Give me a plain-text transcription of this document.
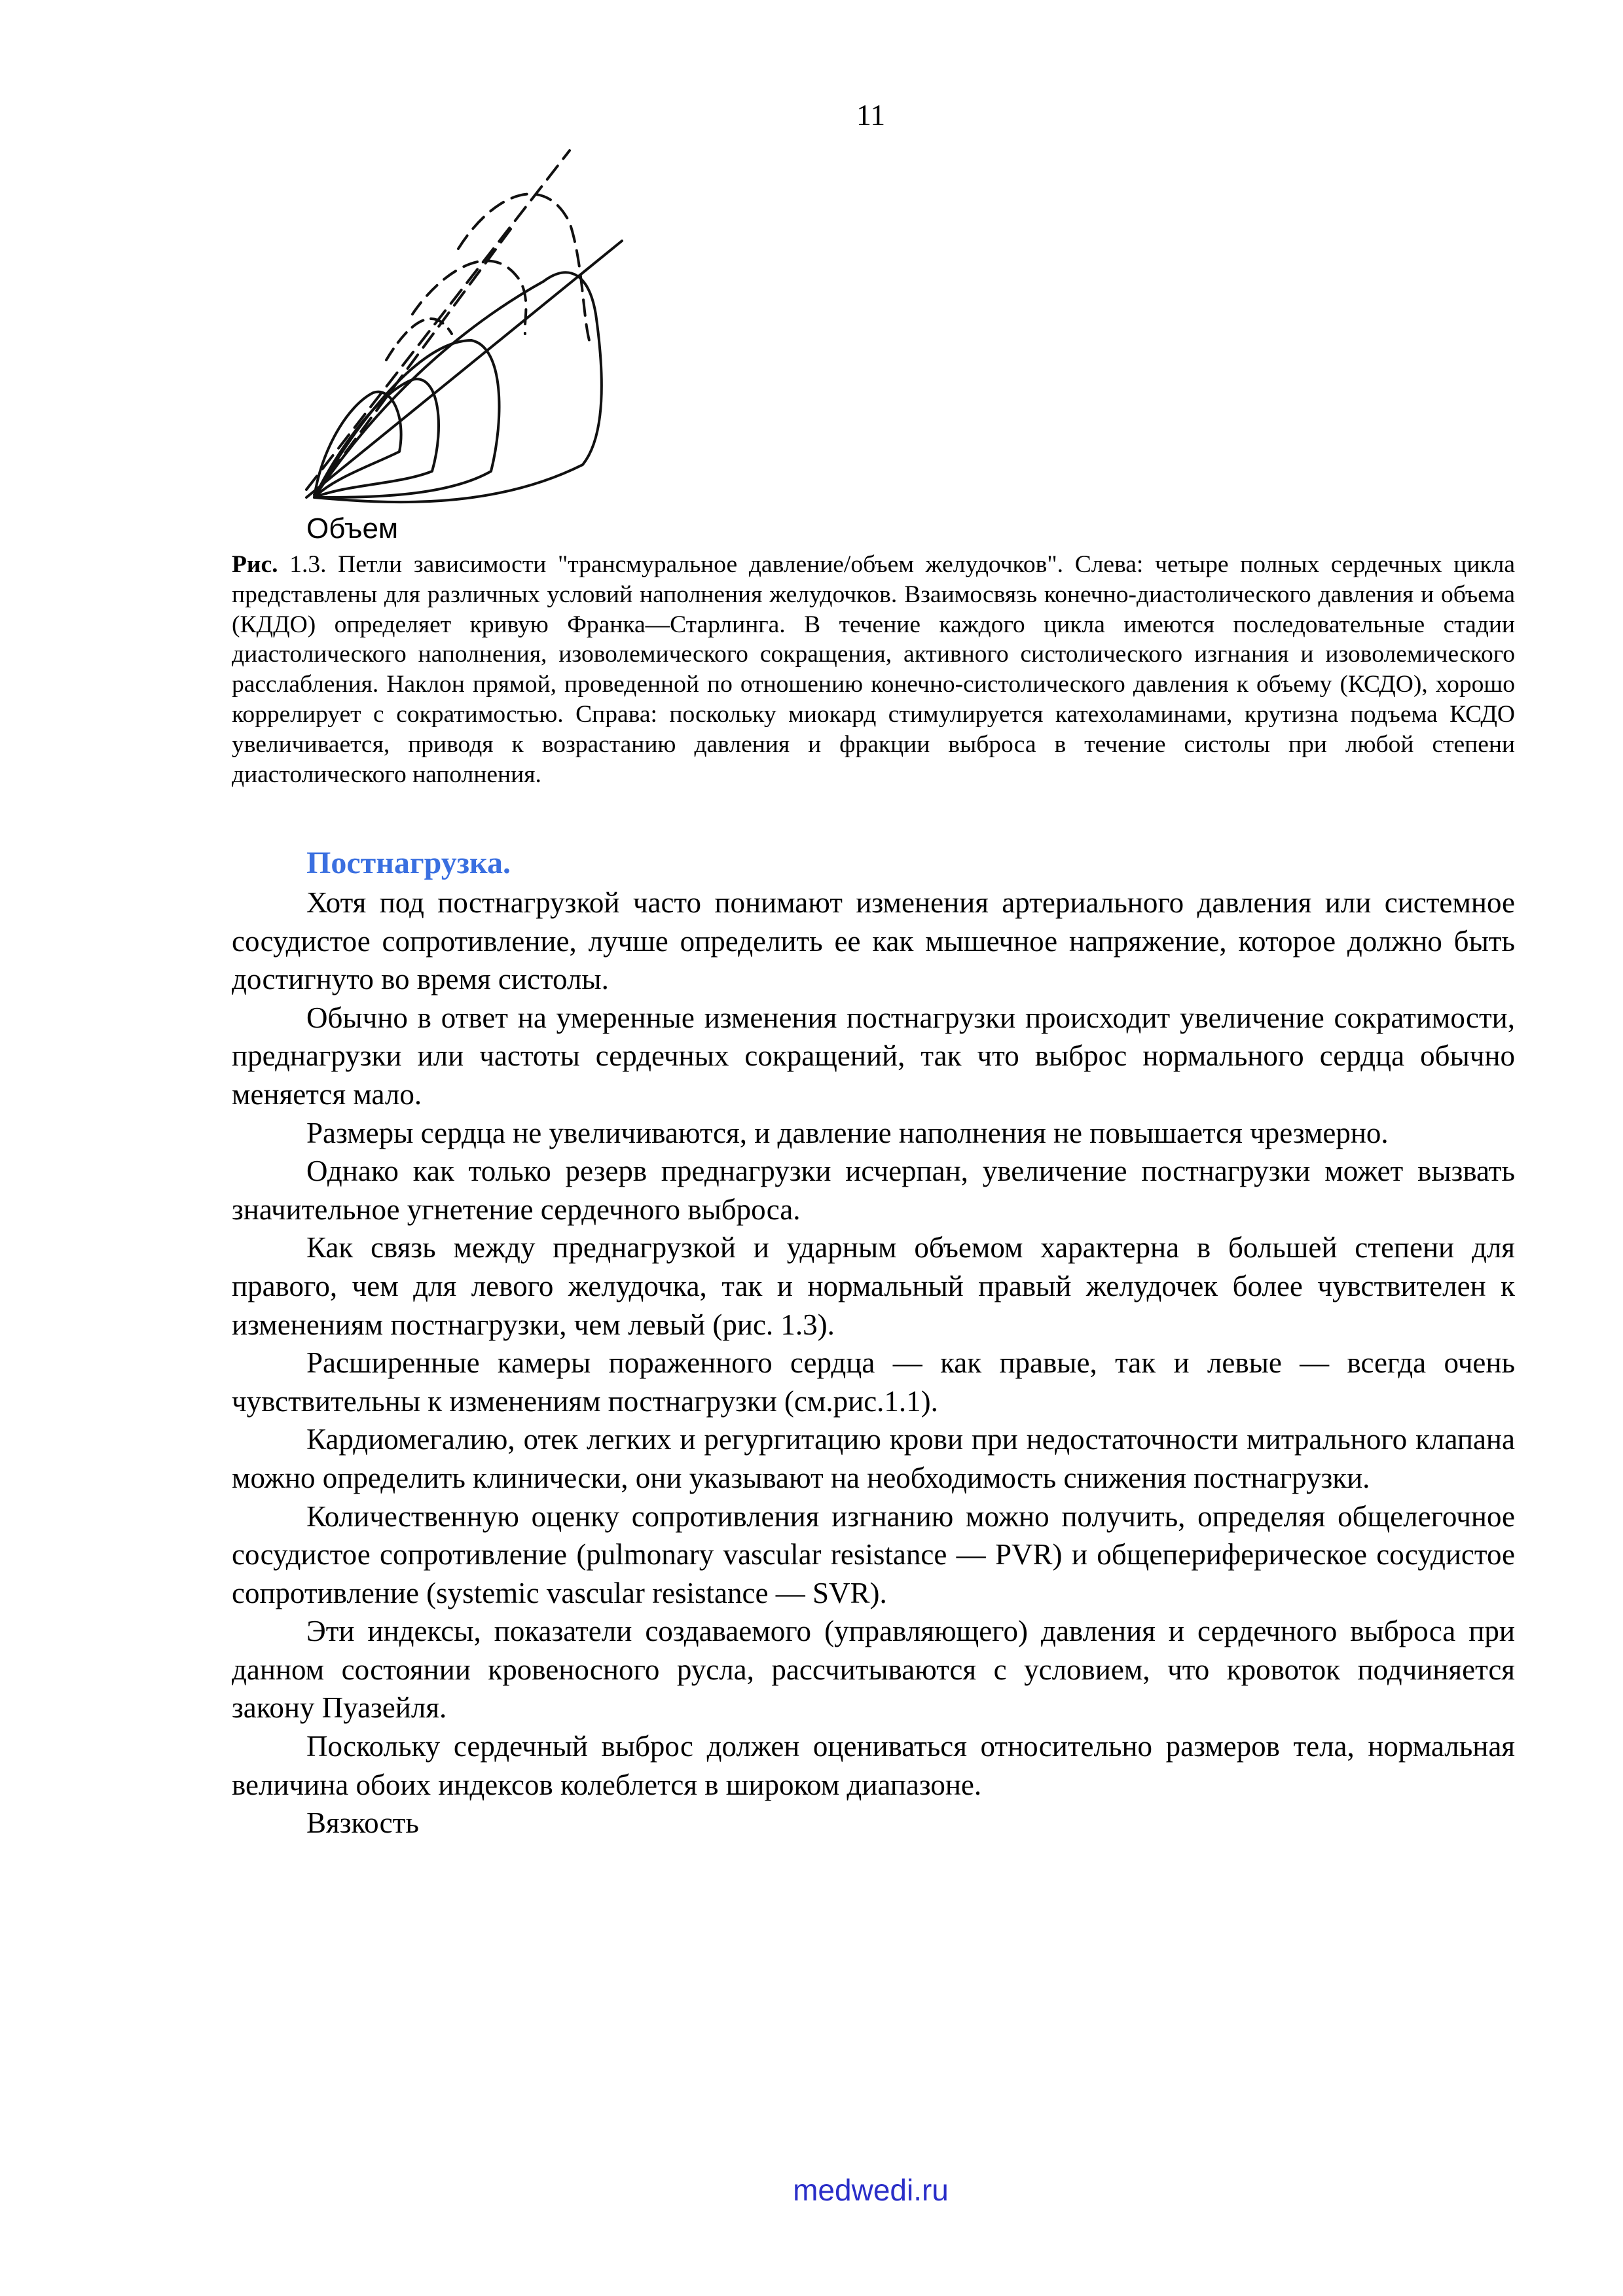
11
Объем
Рис. 1.3. Петли зависимости "трансмуральное давление/объем желудочков". Слева: четыре полных сердечных цикла представлены для различных условий наполнения желудочков. Взаимосвязь конечно-диастолического давления и объема (КДДО) определяет кривую Франка—Старлинга. В течение каждого цикла имеются последовательные стадии диастолического наполнения, изоволемического сокращения, активного систолического изгнания и изоволемического расслабления. Наклон прямой, проведенной по отношению конечно-систолического давления к объему (КСДО), хорошо коррелирует с сократимостью. Справа: поскольку миокард стимулируется катехоламинами, крутизна подъема КСДО увеличивается, приводя к возрастанию давления и фракции выброса в течение систолы при любой степени диастолического наполнения.
Постнагрузка.

Хотя под постнагрузкой часто понимают изменения артериального давления или системное сосудистое сопротивление, лучше определить ее как мышечное напряжение, которое должно быть достигнуто во время систолы.

Обычно в ответ на умеренные изменения постнагрузки происходит увеличение сократимости, преднагрузки или частоты сердечных сокращений, так что выброс нормального сердца обычно меняется мало.

Размеры сердца не увеличиваются, и давление наполнения не повышается чрезмерно.

Однако как только резерв преднагрузки исчерпан, увеличение постнагрузки может вызвать значительное угнетение сердечного выброса.

Как связь между преднагрузкой и ударным объемом характерна в большей степени для правого, чем для левого желудочка, так и нормальный правый желудочек более чувствителен к изменениям постнагрузки, чем левый (рис. 1.3).

Расширенные камеры пораженного сердца — как правые, так и левые — всегда очень чувствительны к изменениям постнагрузки (см.рис.1.1).

Кардиомегалию, отек легких и регургитацию крови при недостаточности митрального клапана можно определить клинически, они указывают на необходимость снижения постнагрузки.

Количественную оценку сопротивления изгнанию можно получить, определяя общелегочное сосудистое сопротивление (pulmonary vascular resistance — PVR) и общепериферическое сосудистое сопротивление (systemic vascular resistance — SVR).

Эти индексы, показатели создаваемого (управляющего) давления и сердечного выброса при данном состоянии кровеносного русла, рассчитываются с условием, что кровоток подчиняется закону Пуазейля.

Поскольку сердечный выброс должен оцениваться относительно размеров тела, нормальная величина обоих индексов колеблется в широком диапазоне.

Вязкость

medwedi.ru
